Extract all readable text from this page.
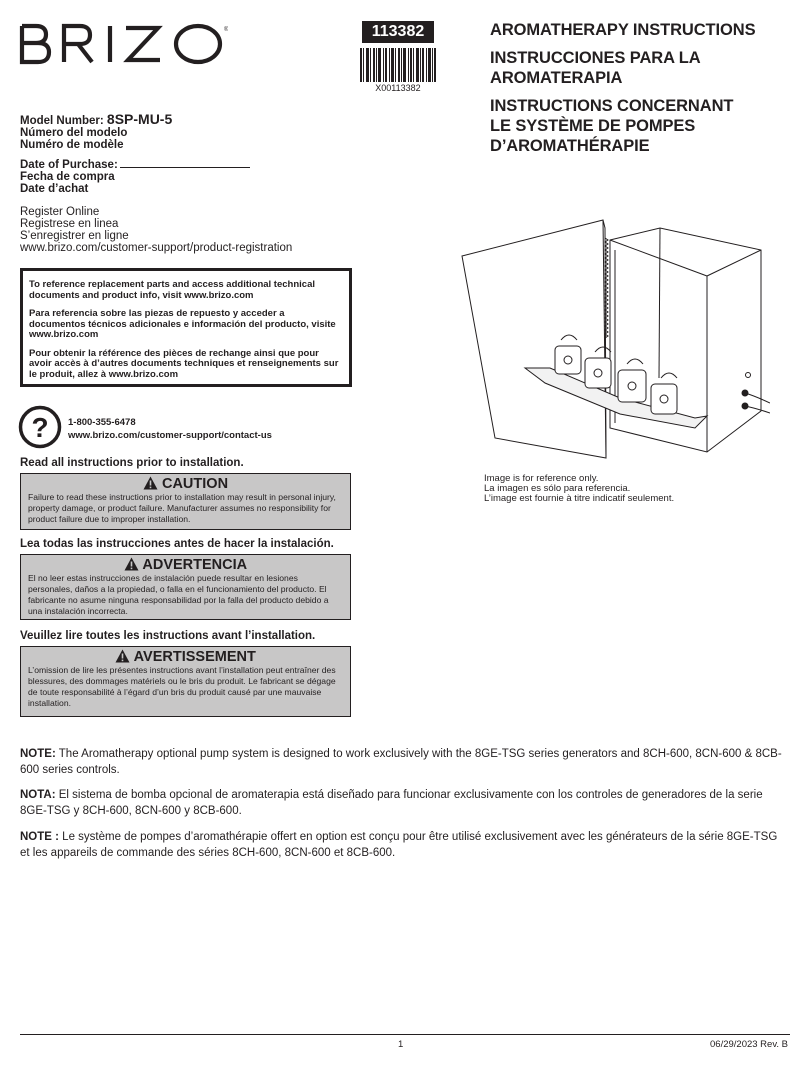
®
BRIZO
113382
X00113382
AROMATHERAPY INSTRUCTIONS
INSTRUCCIONES PARA LA
AROMATERAPIA
INSTRUCTIONS CONCERNANT
LE SYSTÈME DE POMPES
D’AROMATHÉRAPIE
Model Number: 8SP-MU-5
Número del modelo
Numéro de modèle
Date of Purchase:
Fecha de compra
Date d’achat
Register Online
Registrese en linea
S’enregistrer en ligne
www.brizo.com/customer-support/product-registration

To reference replacement parts and access additional technical documents and product info, visit www.brizo.com

Para referencia sobre las piezas de repuesto y acceder a documentos técnicos adicionales e información del producto, visite www.brizo.com

Pour obtenir la référence des pièces de rechange ainsi que pour avoir accès à d’autres documents techniques et renseignements sur le produit, allez à www.brizo.com

? 1-800-355-6478
www.brizo.com/customer-support/contact-us
Read all instructions prior to installation.
CAUTION
Failure to read these instructions prior to installation may result in personal injury, property damage, or product failure. Manufacturer assumes no responsibility for product failure due to improper installation.
Lea todas las instrucciones antes de hacer la instalación.
ADVERTENCIA
El no leer estas instrucciones de instalación puede resultar en lesiones personales, daños a la propiedad, o falla en el funcionamiento del producto. El fabricante no asume ninguna responsabilidad por la falla del producto debido a una instalación incorrecta.
Veuillez lire toutes les instructions avant l’installation.
AVERTISSEMENT
L’omission de lire les présentes instructions avant l’installation peut entraîner des blessures, des dommages matériels ou le bris du produit. Le fabricant se dégage de toute responsabilité à l’égard d’un bris du produit causé par une mauvaise installation.
Image is for reference only.
La imagen es sólo para referencia.
L’image est fournie à titre indicatif seulement.
NOTE: The Aromatherapy optional pump system is designed to work exclusively with the 8GE-TSG series generators and 8CH-600, 8CN-600 & 8CB-600 series controls.
NOTA: El sistema de bomba opcional de aromaterapia está diseñado para funcionar exclusivamente con los controles de generadores de la serie 8GE-TSG y 8CH-600, 8CN-600 y 8CB-600.
NOTE : Le système de pompes d’aromathérapie offert en option est conçu pour être utilisé exclusivement avec les générateurs de la série 8GE-TSG et les appareils de commande des séries 8CH-600, 8CN-600 et 8CB-600.
1	06/29/2023 Rev. B
